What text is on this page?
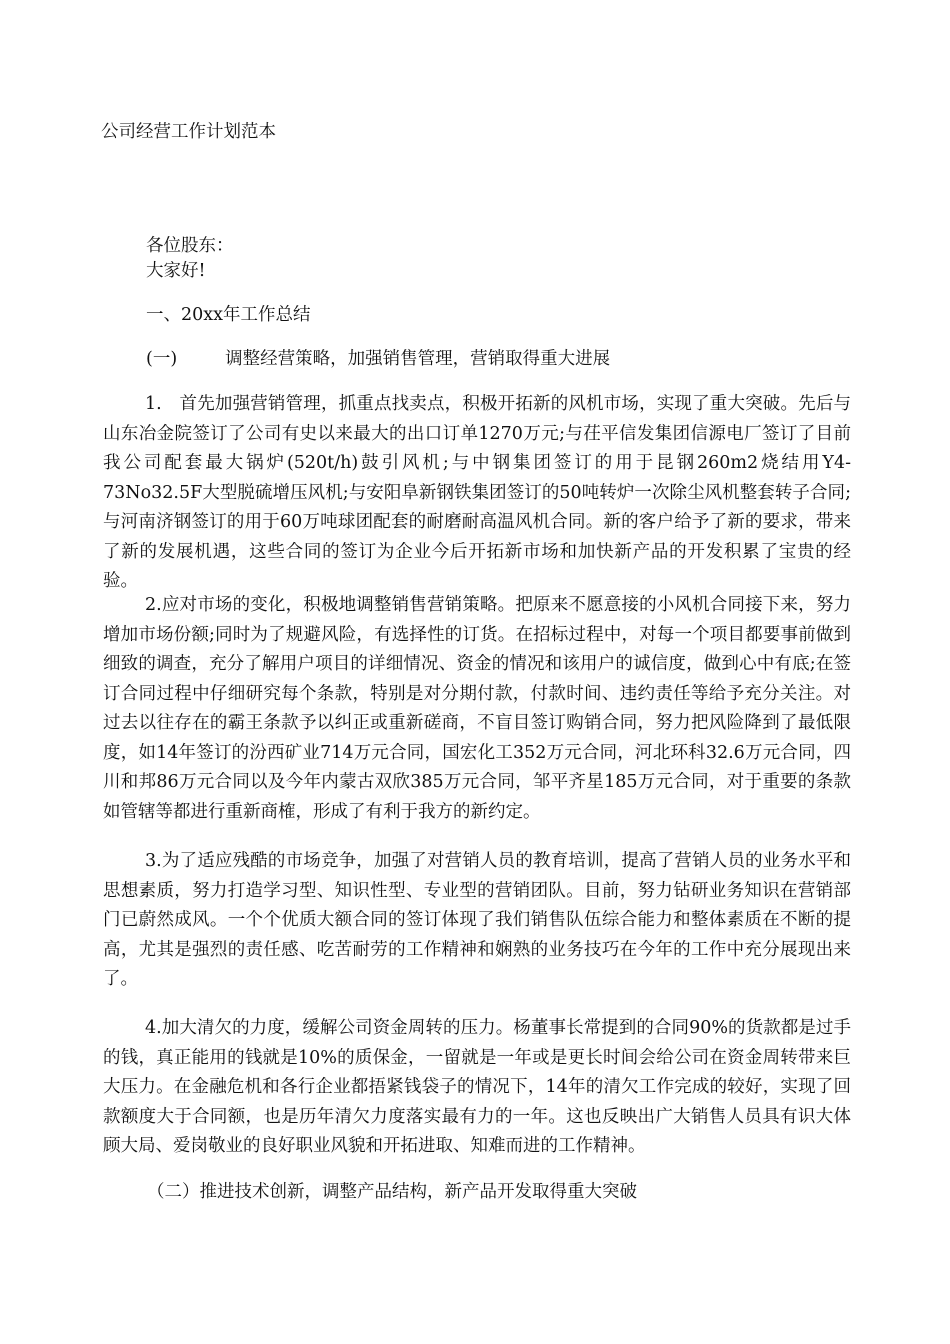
公司经营工作计划范本

各位股东：

大家好!

一、20xx年工作总结

(一)	调整经营策略，加强销售管理，营销取得重大进展

1.　首先加强营销管理，抓重点找卖点，积极开拓新的风机市场，实现了重大突破。先后与山东冶金院签订了公司有史以来最大的出口订单1270万元;与茌平信发集团信源电厂签订了目前我公司配套最大锅炉(520t/h)鼓引风机;与中钢集团签订的用于昆钢260m2烧结用Y4-73No32.5F大型脱硫增压风机;与安阳阜新钢铁集团签订的50吨转炉一次除尘风机整套转子合同;与河南济钢签订的用于60万吨球团配套的耐磨耐高温风机合同。新的客户给予了新的要求，带来了新的发展机遇，这些合同的签订为企业今后开拓新市场和加快新产品的开发积累了宝贵的经验。

2.应对市场的变化，积极地调整销售营销策略。把原来不愿意接的小风机合同接下来，努力增加市场份额;同时为了规避风险，有选择性的订货。在招标过程中，对每一个项目都要事前做到细致的调查，充分了解用户项目的详细情况、资金的情况和该用户的诚信度，做到心中有底;在签订合同过程中仔细研究每个条款，特别是对分期付款，付款时间、违约责任等给予充分关注。对过去以往存在的霸王条款予以纠正或重新磋商，不盲目签订购销合同，努力把风险降到了最低限度，如14年签订的汾西矿业714万元合同，国宏化工352万元合同，河北环科32.6万元合同，四川和邦86万元合同以及今年内蒙古双欣385万元合同，邹平齐星185万元合同，对于重要的条款如管辖等都进行重新商榷，形成了有利于我方的新约定。

3.为了适应残酷的市场竞争，加强了对营销人员的教育培训，提高了营销人员的业务水平和思想素质，努力打造学习型、知识性型、专业型的营销团队。目前，努力钻研业务知识在营销部门已蔚然成风。一个个优质大额合同的签订体现了我们销售队伍综合能力和整体素质在不断的提高，尤其是强烈的责任感、吃苦耐劳的工作精神和娴熟的业务技巧在今年的工作中充分展现出来了。

4.加大清欠的力度，缓解公司资金周转的压力。杨董事长常提到的合同90%的货款都是过手的钱，真正能用的钱就是10%的质保金，一留就是一年或是更长时间会给公司在资金周转带来巨大压力。在金融危机和各行企业都捂紧钱袋子的情况下，14年的清欠工作完成的较好，实现了回款额度大于合同额，也是历年清欠力度落实最有力的一年。这也反映出广大销售人员具有识大体顾大局、爱岗敬业的良好职业风貌和开拓进取、知难而进的工作精神。

（二）推进技术创新，调整产品结构，新产品开发取得重大突破
